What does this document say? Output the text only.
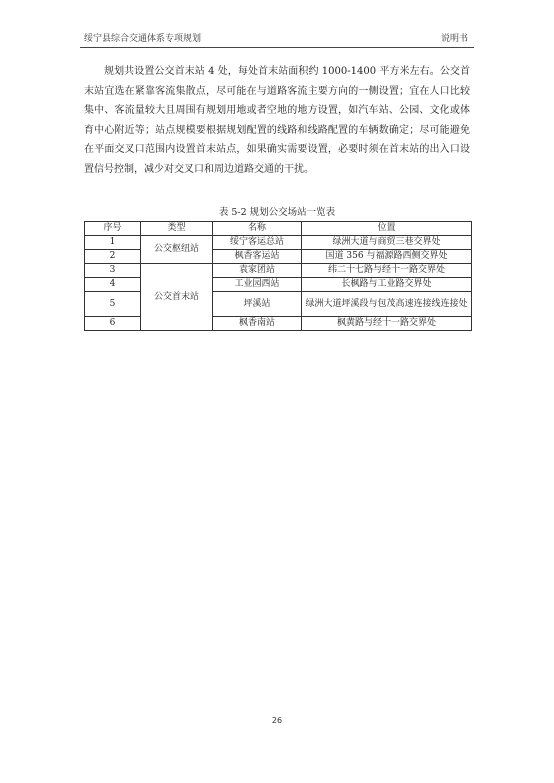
绥宁县综合交通体系专项规划	说明书

规划共设置公交首末站 4 处，每处首末站面积约 1000-1400 平方米左右。公交首末站宜选在紧靠客流集散点，尽可能在与道路客流主要方向的一侧设置；宜在人口比较集中、客流量较大且周围有规划用地或者空地的地方设置，如汽车站、公园、文化或体育中心附近等；站点规模要根据规划配置的线路和线路配置的车辆数确定；尽可能避免在平面交叉口范围内设置首末站点，如果确实需要设置，必要时须在首末站的出入口设置信号控制，减少对交叉口和周边道路交通的干扰。

表 5-2 规划公交场站一览表
序号	类型	名称	位置
1	公交枢纽站	绥宁客运总站	绿洲大道与商贸三巷交界处
2		枫香客运站	国道 356 与福源路西侧交界处
3	公交首末站	袁家团站	纬二十七路与经十一路交界处
4		工业园西站	长枫路与工业路交界处
5		坪溪站	绿洲大道坪溪段与包茂高速连接线连接处
6		枫香南站	枫黄路与经十一路交界处
26
